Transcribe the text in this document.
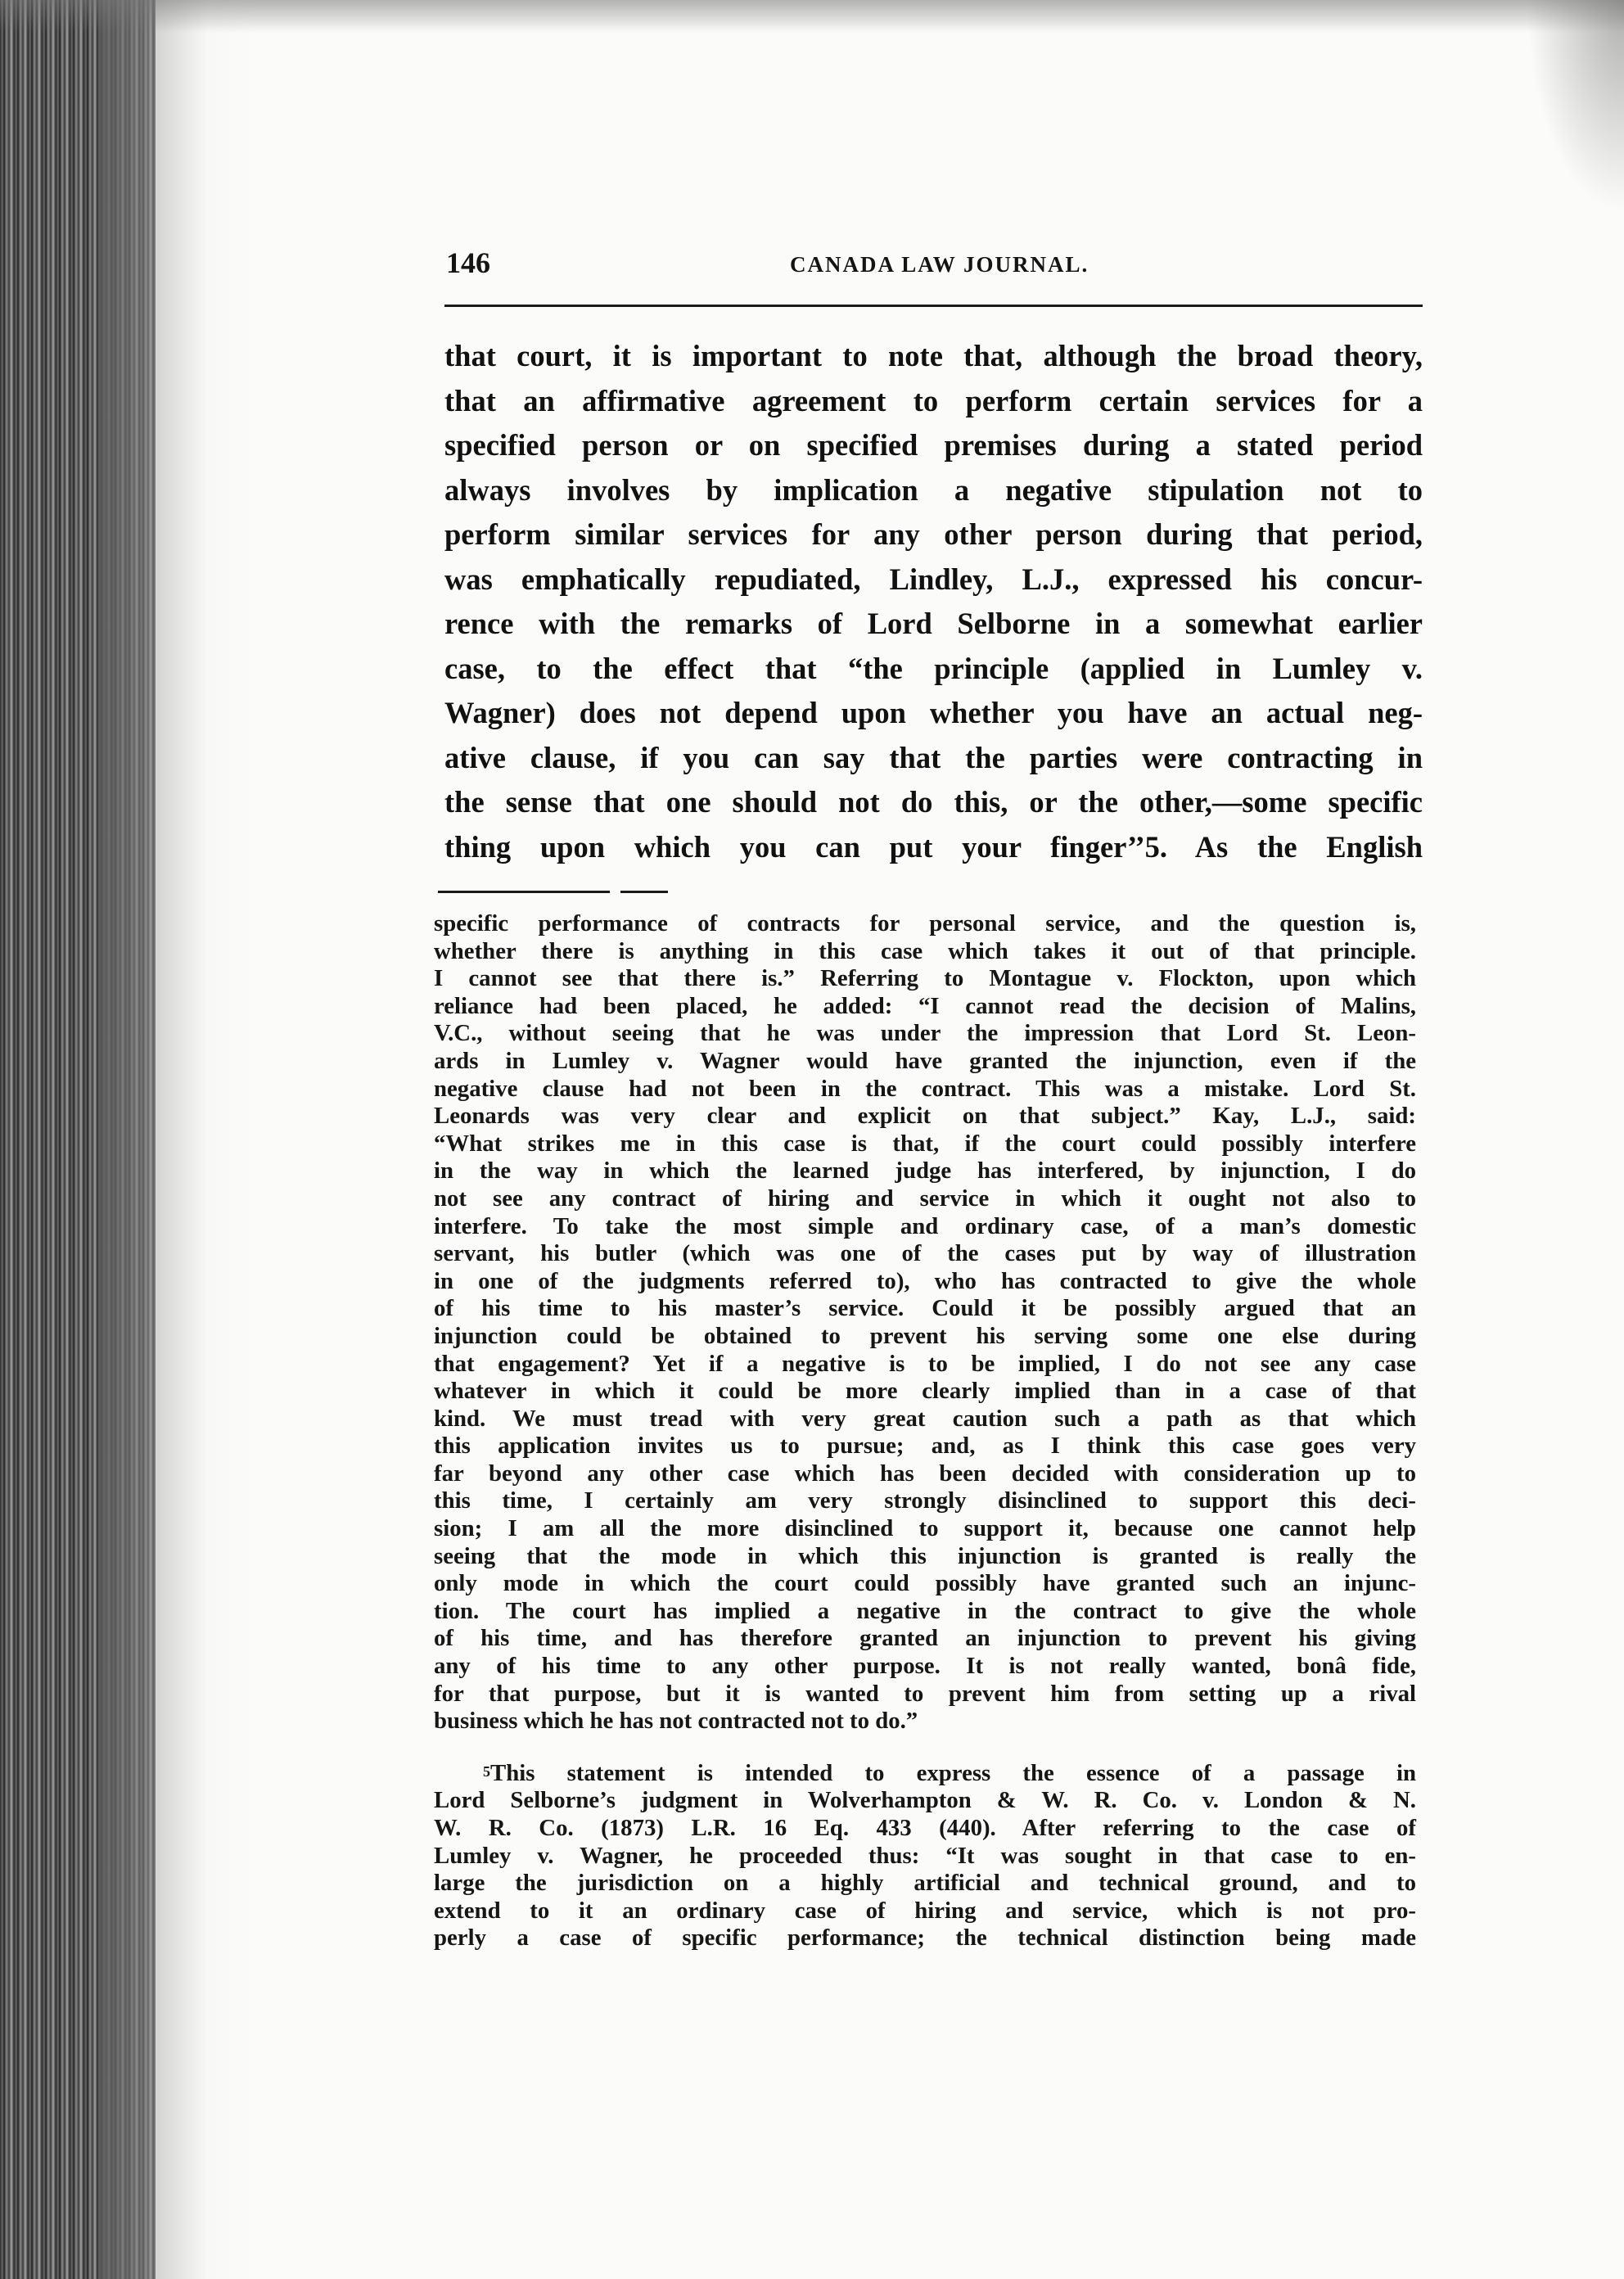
146	CANADA LAW JOURNAL.
that court, it is important to note that, although the broad theory,
that an affirmative agreement to perform certain services for a
specified person or on specified premises during a stated period
always involves by implication a negative stipulation not to
perform similar services for any other person during that period,
was emphatically repudiated, Lindley, L.J., expressed his concur-
rence with the remarks of Lord Selborne in a somewhat earlier
case, to the effect that “the principle (applied in Lumley v.
Wagner) does not depend upon whether you have an actual neg-
ative clause, if you can say that the parties were contracting in
the sense that one should not do this, or the other,—some specific
thing upon which you can put your finger’’5. As the English
specific performance of contracts for personal service, and the question is,
whether there is anything in this case which takes it out of that principle.
I cannot see that there is.” Referring to Montague v. Flockton, upon which
reliance had been placed, he added: “I cannot read the decision of Malins,
V.C., without seeing that he was under the impression that Lord St. Leon-
ards in Lumley v. Wagner would have granted the injunction, even if the
negative clause had not been in the contract. This was a mistake. Lord St.
Leonards was very clear and explicit on that subject.” Kay, L.J., said:
“What strikes me in this case is that, if the court could possibly interfere
in the way in which the learned judge has interfered, by injunction, I do
not see any contract of hiring and service in which it ought not also to
interfere. To take the most simple and ordinary case, of a man’s domestic
servant, his butler (which was one of the cases put by way of illustration
in one of the judgments referred to), who has contracted to give the whole
of his time to his master’s service. Could it be possibly argued that an
injunction could be obtained to prevent his serving some one else during
that engagement? Yet if a negative is to be implied, I do not see any case
whatever in which it could be more clearly implied than in a case of that
kind. We must tread with very great caution such a path as that which
this application invites us to pursue; and, as I think this case goes very
far beyond any other case which has been decided with consideration up to
this time, I certainly am very strongly disinclined to support this deci-
sion; I am all the more disinclined to support it, because one cannot help
seeing that the mode in which this injunction is granted is really the
only mode in which the court could possibly have granted such an injunc-
tion. The court has implied a negative in the contract to give the whole
of his time, and has therefore granted an injunction to prevent his giving
any of his time to any other purpose. It is not really wanted, bonâ fide,
for that purpose, but it is wanted to prevent him from setting up a rival
business which he has not contracted not to do.”
$^5$This statement is intended to express the essence of a passage in
Lord Selborne’s judgment in Wolverhampton & W. R. Co. v. London & N.
W. R. Co. (1873) L.R. 16 Eq. 433 (440). After referring to the case of
Lumley v. Wagner, he proceeded thus: “It was sought in that case to en-
large the jurisdiction on a highly artificial and technical ground, and to
extend to it an ordinary case of hiring and service, which is not pro-
perly a case of specific performance; the technical distinction being made
